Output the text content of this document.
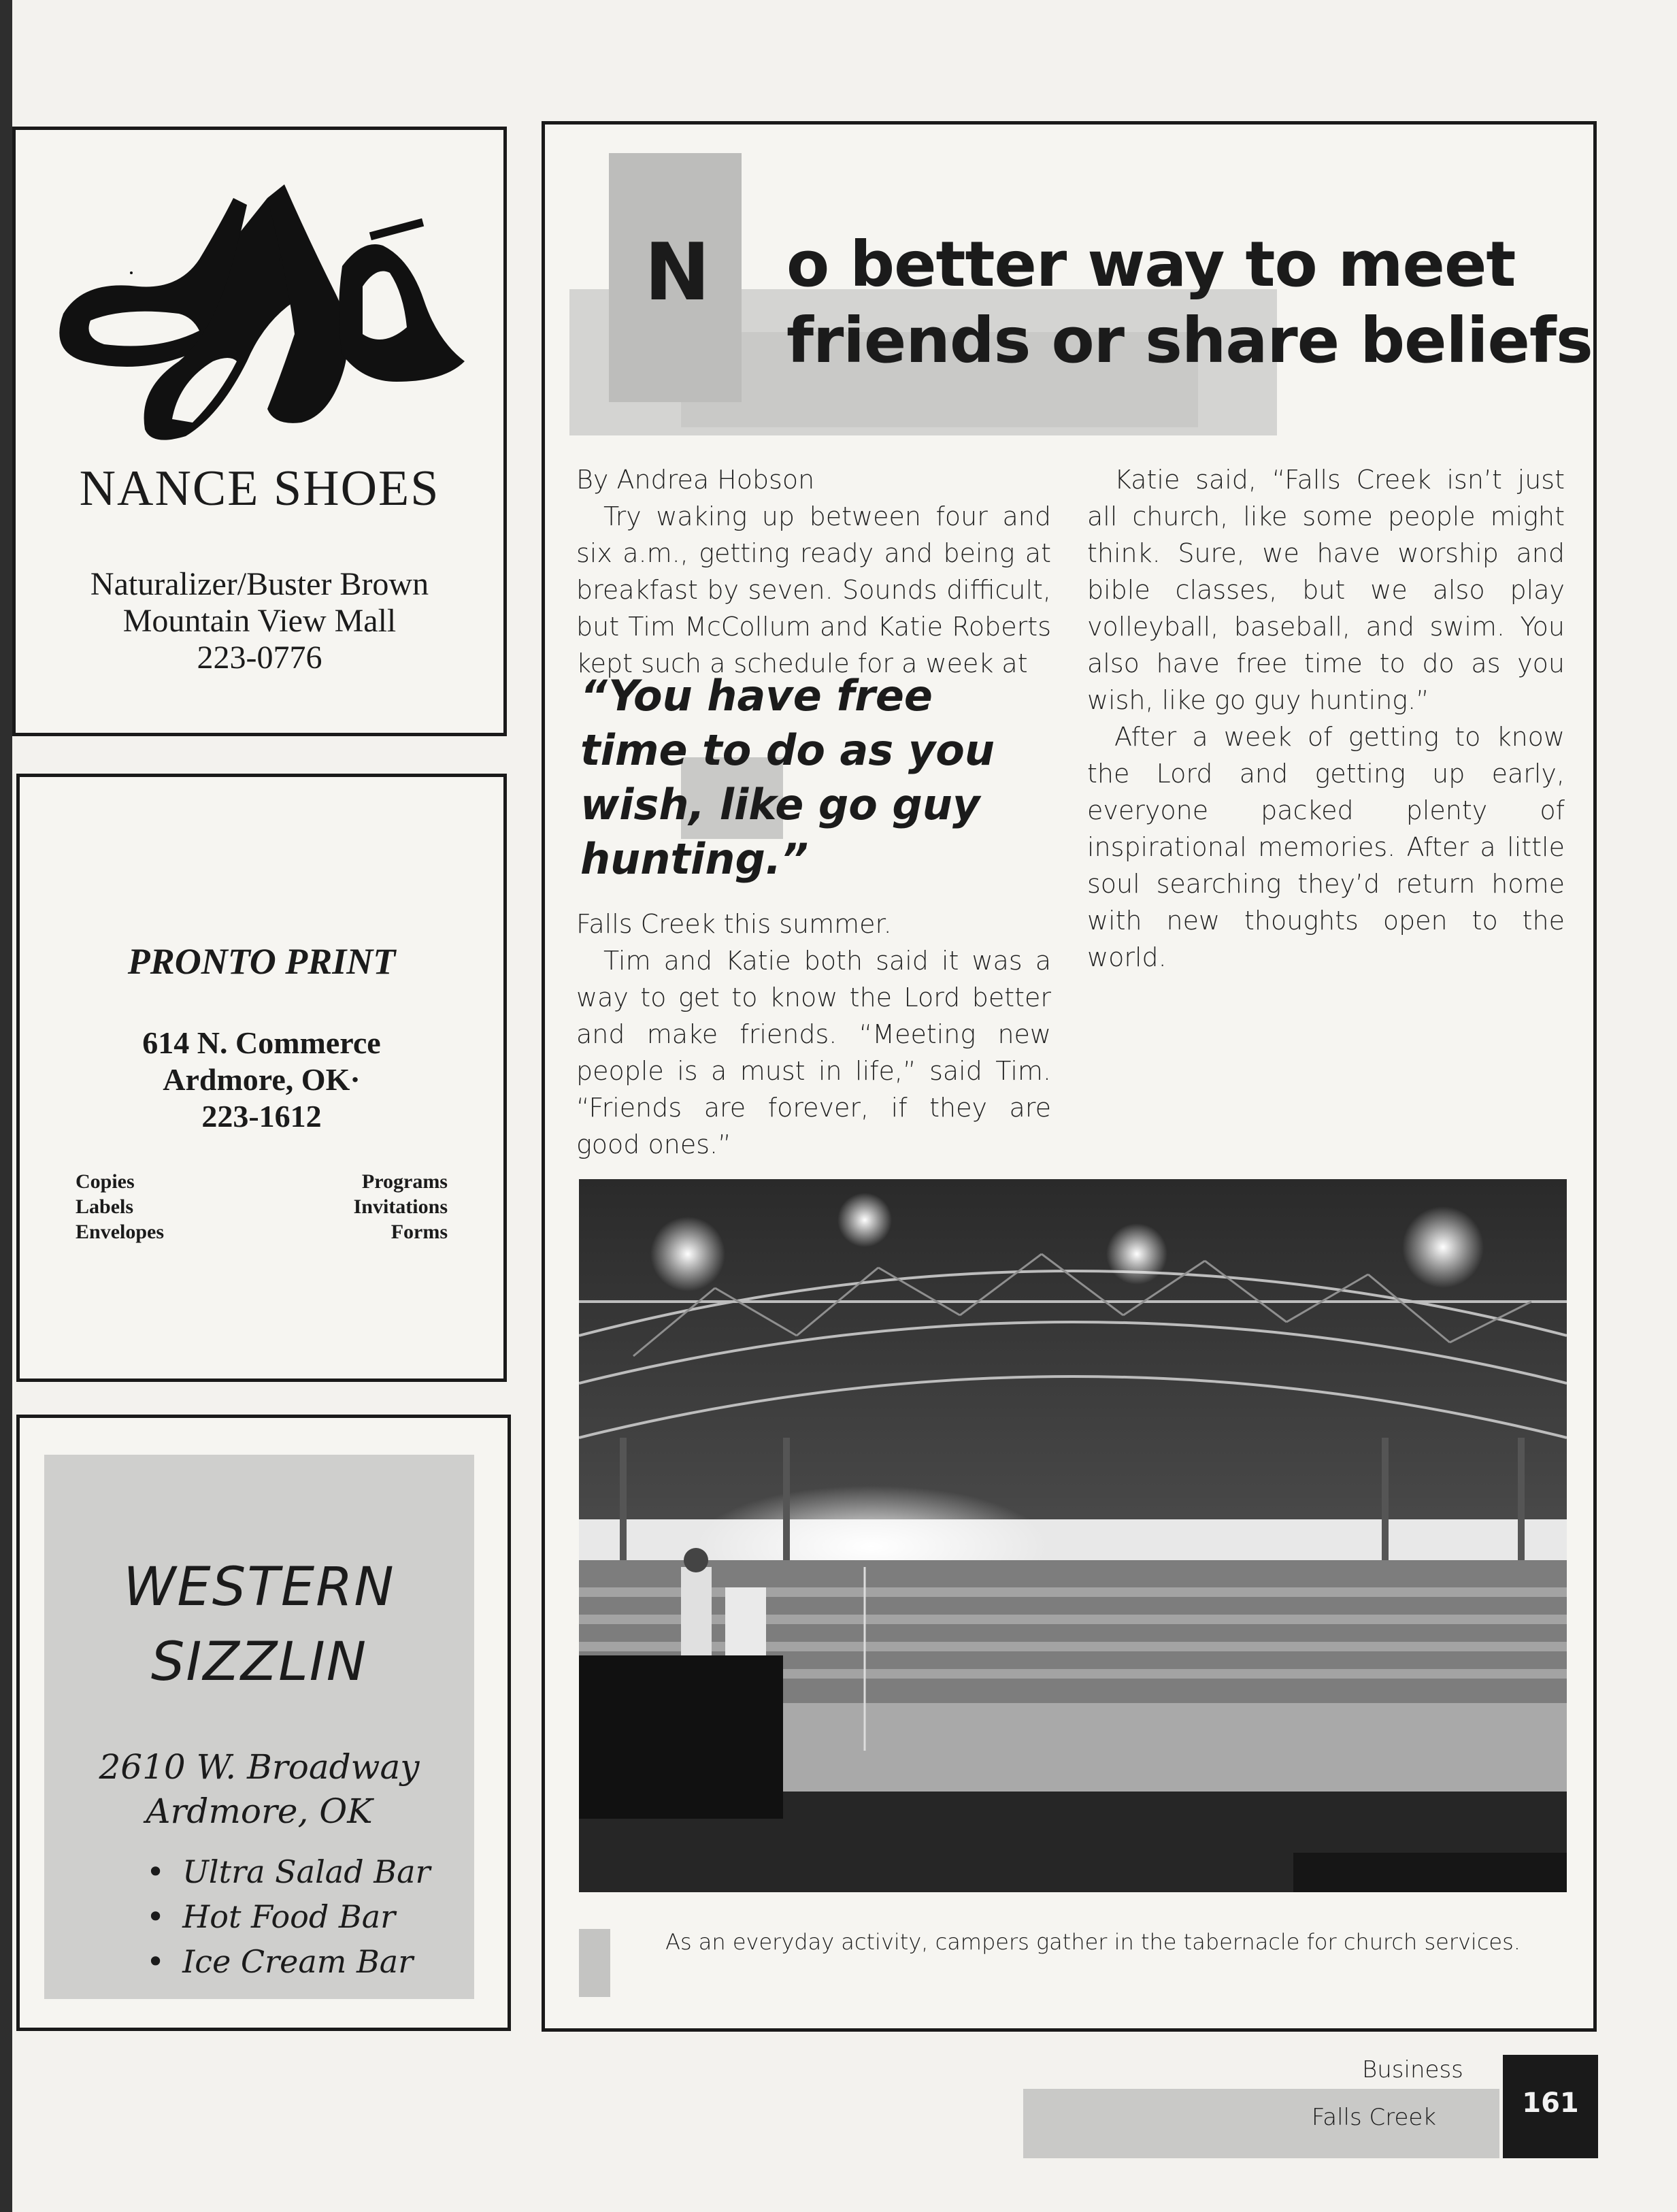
NANCE SHOES
Naturalizer/Buster Brown
Mountain View Mall
223-0776
PRONTO PRINT
614 N. Commerce
Ardmore, OK·
223-1612
Copies
Labels
Envelopes
Programs
Invitations
Forms
WESTERN
SIZZLIN
2610 W. Broadway
Ardmore, OK
• Ultra Salad Bar
• Hot Food Bar
• Ice Cream Bar
N o better way to meet
friends or share beliefs

By Andrea Hobson

Try waking up between four and six a.m., getting ready and being at breakfast by seven. Sounds difficult, but Tim McCollum and Katie Roberts kept such a schedule for a week at

“You have free
time to do as you
wish, like go guy
hunting.”

Falls Creek this summer.

Tim and Katie both said it was a way to get to know the Lord better and make friends. “Meeting new people is a must in life,” said Tim. “Friends are forever, if they are good ones.”

Katie said, “Falls Creek isn’t just all church, like some people might think. Sure, we have worship and bible classes, but we also play volleyball, baseball, and swim. You also have free time to do as you wish, like go guy hunting.”

After a week of getting to know the Lord and getting up early, everyone packed plenty of inspirational memories. After a little soul searching they’d return home with new thoughts open to the world.

As an everyday activity, campers gather in the tabernacle for church services.
Business
Falls Creek	161
